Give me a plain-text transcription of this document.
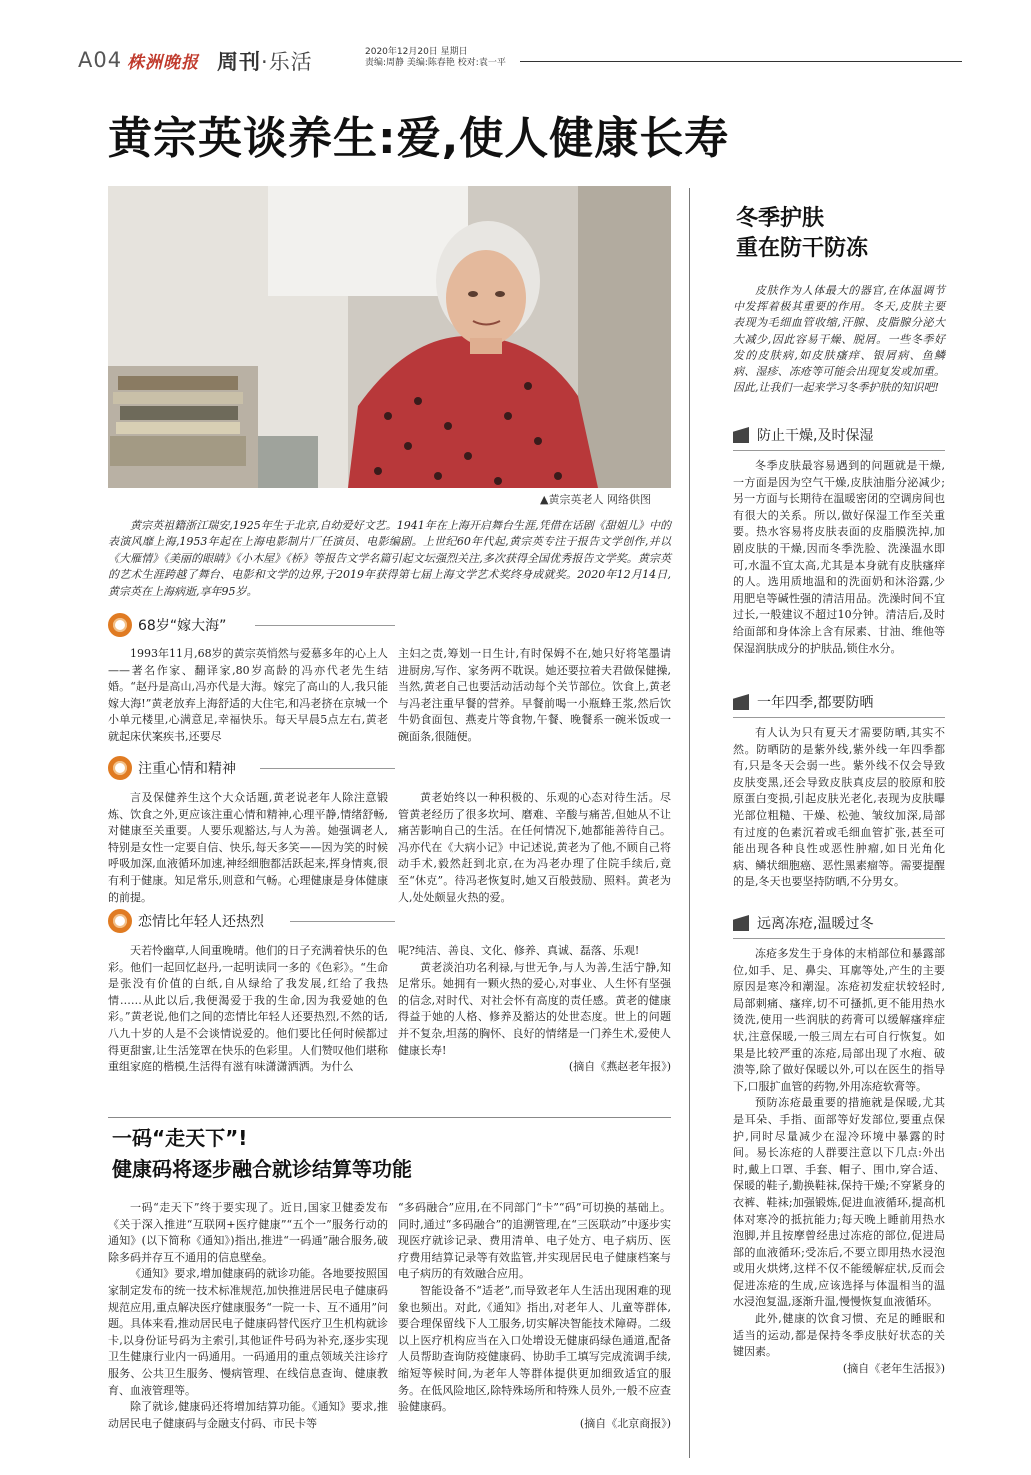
A04 株洲晚报 周刊·乐活	2020年12月20日 星期日
责编:周静 美编:陈春艳 校对:袁一平
黄宗英谈养生:爱,使人健康长寿
▲黄宗英老人 网络供图
黄宗英祖籍浙江瑞安,1925年生于北京,自幼爱好文艺。1941年在上海开启舞台生涯,凭借在话剧《甜姐儿》中的表演风靡上海,1953年起在上海电影制片厂任演员、电影编剧。上世纪60年代起,黄宗英专注于报告文学创作,并以《大雁情》《美丽的眼睛》《小木屋》《桥》等报告文学名篇引起文坛强烈关注,多次获得全国优秀报告文学奖。黄宗英的艺术生涯跨越了舞台、电影和文学的边界,于2019年获得第七届上海文学艺术奖终身成就奖。2020年12月14日,黄宗英在上海病逝,享年95岁。
68岁“嫁大海”

1993年11月,68岁的黄宗英悄然与爱慕多年的心上人——著名作家、翻译家,80岁高龄的冯亦代老先生结婚。“赵丹是高山,冯亦代是大海。嫁完了高山的人,我只能嫁大海!”黄老放弃上海舒适的大住宅,和冯老挤在京城一个小单元楼里,心满意足,幸福快乐。每天早晨5点左右,黄老就起床伏案疾书,还要尽

主妇之责,筹划一日生计,有时保姆不在,她只好将笔墨请进厨房,写作、家务两不耽误。她还要拉着夫君做保健操,当然,黄老自己也要活动活动每个关节部位。饮食上,黄老与冯老注重早餐的营养。早餐前喝一小瓶蜂王浆,然后饮牛奶食面包、燕麦片等食物,午餐、晚餐系一碗米饭或一碗面条,很随便。

注重心情和精神

言及保健养生这个大众话题,黄老说老年人除注意锻炼、饮食之外,更应该注重心情和精神,心理平静,情绪舒畅,对健康至关重要。人要乐观豁达,与人为善。她强调老人,特别是女性一定要自信、快乐,每天多笑——因为笑的时候呼吸加深,血液循环加速,神经细胞都活跃起来,挥身情爽,很有利于健康。知足常乐,则意和气畅。心理健康是身体健康的前提。

黄老始终以一种积极的、乐观的心态对待生活。尽管黄老经历了很多坎坷、磨难、辛酸与痛苦,但她从不让痛苦影响自己的生活。在任何情况下,她都能善待自己。冯亦代在《大病小记》中记述说,黄老为了他,不顾自己将动手术,毅然赶到北京,在为冯老办理了住院手续后,竟至“休克”。待冯老恢复时,她又百般鼓励、照料。黄老为人,处处颇显火热的爱。

恋情比年轻人还热烈

天若怜幽草,人间重晚晴。他们的日子充满着快乐的色彩。他们一起回忆赵丹,一起明读同一多的《色彩》。“生命是张没有价值的白纸,自从绿给了我发展,红给了我热情……从此以后,我便渴爱于我的生命,因为我爱她的色彩。”黄老说,他们之间的恋情比年轻人还要热烈,不然的话,八九十岁的人是不会谈情说爱的。他们要比任何时候都过得更甜蜜,让生活笼罩在快乐的色彩里。人们赞叹他们堪称重组家庭的楷模,生活得有滋有味潇潇洒洒。为什么

呢?纯洁、善良、文化、修养、真诚、磊落、乐观!

黄老淡泊功名利禄,与世无争,与人为善,生活宁静,知足常乐。她拥有一颗火热的爱心,对事业、人生怀有坚强的信念,对时代、对社会怀有高度的责任感。黄老的健康得益于她的人格、修养及豁达的处世态度。世上的问题并不复杂,坦荡的胸怀、良好的情绪是一门养生术,爱使人健康长寿!

(摘自《燕赵老年报》)
冬季护肤
重在防干防冻
皮肤作为人体最大的器官,在体温调节中发挥着极其重要的作用。冬天,皮肤主要表现为毛细血管收缩,汗腺、皮脂腺分泌大大减少,因此容易干燥、脱屑。一些冬季好发的皮肤病,如皮肤瘙痒、银屑病、鱼鳞病、湿疹、冻疮等可能会出现复发或加重。因此,让我们一起来学习冬季护肤的知识吧!
防止干燥,及时保湿

冬季皮肤最容易遇到的问题就是干燥,一方面是因为空气干燥,皮肤油脂分泌减少;另一方面与长期待在温暖密闭的空调房间也有很大的关系。所以,做好保湿工作至关重要。热水容易将皮肤表面的皮脂膜洗掉,加剧皮肤的干燥,因而冬季洗脸、洗澡温水即可,水温不宜太高,尤其是本身就有皮肤瘙痒的人。选用质地温和的洗面奶和沐浴露,少用肥皂等碱性强的清洁用品。洗澡时间不宜过长,一般建议不超过10分钟。清洁后,及时给面部和身体涂上含有尿素、甘油、维他等保湿润肤成分的护肤品,锁住水分。

一年四季,都要防晒

有人认为只有夏天才需要防晒,其实不然。防晒防的是紫外线,紫外线一年四季都有,只是冬天会弱一些。紫外线不仅会导致皮肤变黑,还会导致皮肤真皮层的胶原和胶原蛋白变损,引起皮肤光老化,表现为皮肤曝光部位粗糙、干燥、松弛、皱纹加深,局部有过度的色素沉着或毛细血管扩张,甚至可能出现各种良性或恶性肿瘤,如日光角化病、鳞状细胞癌、恶性黑素瘤等。需要提醒的是,冬天也要坚持防晒,不分男女。

远离冻疮,温暖过冬

冻疮多发生于身体的末梢部位和暴露部位,如手、足、鼻尖、耳廓等处,产生的主要原因是寒冷和潮湿。冻疮初发症状较轻时,局部刺痛、瘙痒,切不可搔抓,更不能用热水烫洗,使用一些润肤的药膏可以缓解瘙痒症状,注意保暖,一般三周左右可自行恢复。如果是比较严重的冻疮,局部出现了水疱、破溃等,除了做好保暖以外,可以在医生的指导下,口服扩血管的药物,外用冻疮软膏等。

预防冻疮最重要的措施就是保暖,尤其是耳朵、手指、面部等好发部位,要重点保护,同时尽量减少在湿冷环境中暴露的时间。易长冻疮的人群要注意以下几点:外出时,戴上口罩、手套、帽子、围巾,穿合适、保暖的鞋子,勤换鞋袜,保持干燥;不穿紧身的衣裤、鞋袜;加强锻炼,促进血液循环,提高机体对寒冷的抵抗能力;每天晚上睡前用热水泡脚,并且按摩曾经患过冻疮的部位,促进局部的血液循环;受冻后,不要立即用热水浸泡或用火烘烤,这样不仅不能缓解症状,反而会促进冻疮的生成,应该选择与体温相当的温水浸泡复温,逐渐升温,慢慢恢复血液循环。

此外,健康的饮食习惯、充足的睡眠和适当的运动,都是保持冬季皮肤好状态的关键因素。

(摘自《老年生活报》)
一码“走天下”!
健康码将逐步融合就诊结算等功能

一码“走天下”终于要实现了。近日,国家卫健委发布《关于深入推进“互联网+医疗健康”“五个一”服务行动的通知》(以下简称《通知》)指出,推进“一码通”融合服务,破除多码并存互不通用的信息壁垒。

《通知》要求,增加健康码的就诊功能。各地要按照国家制定发布的统一技术标准规范,加快推进居民电子健康码规范应用,重点解决医疗健康服务“一院一卡、互不通用”问题。具体来看,推动居民电子健康码替代医疗卫生机构就诊卡,以身份证号码为主索引,其他证件号码为补充,逐步实现卫生健康行业内一码通用。一码通用的重点领域关注诊疗服务、公共卫生服务、慢病管理、在线信息查询、健康教育、血液管理等。

除了就诊,健康码还将增加结算功能。《通知》要求,推动居民电子健康码与金融支付码、市民卡等

“多码融合”应用,在不同部门“卡”“码”可切换的基础上。同时,通过“多码融合”的追溯管理,在“三医联动”中逐步实现医疗就诊记录、费用清单、电子处方、电子病历、医疗费用结算记录等有效监管,并实现居民电子健康档案与电子病历的有效融合应用。

智能设备不“适老”,而导致老年人生活出现困难的现象也频出。对此,《通知》指出,对老年人、儿童等群体,要合理保留线下人工服务,切实解决智能技术障碍。二级以上医疗机构应当在入口处增设无健康码绿色通道,配备人员帮助查询防疫健康码、协助手工填写完成流调手续,缩短等候时间,为老年人等群体提供更加细致适宜的服务。在低风险地区,除特殊场所和特殊人员外,一般不应查验健康码。

(摘自《北京商报》)
